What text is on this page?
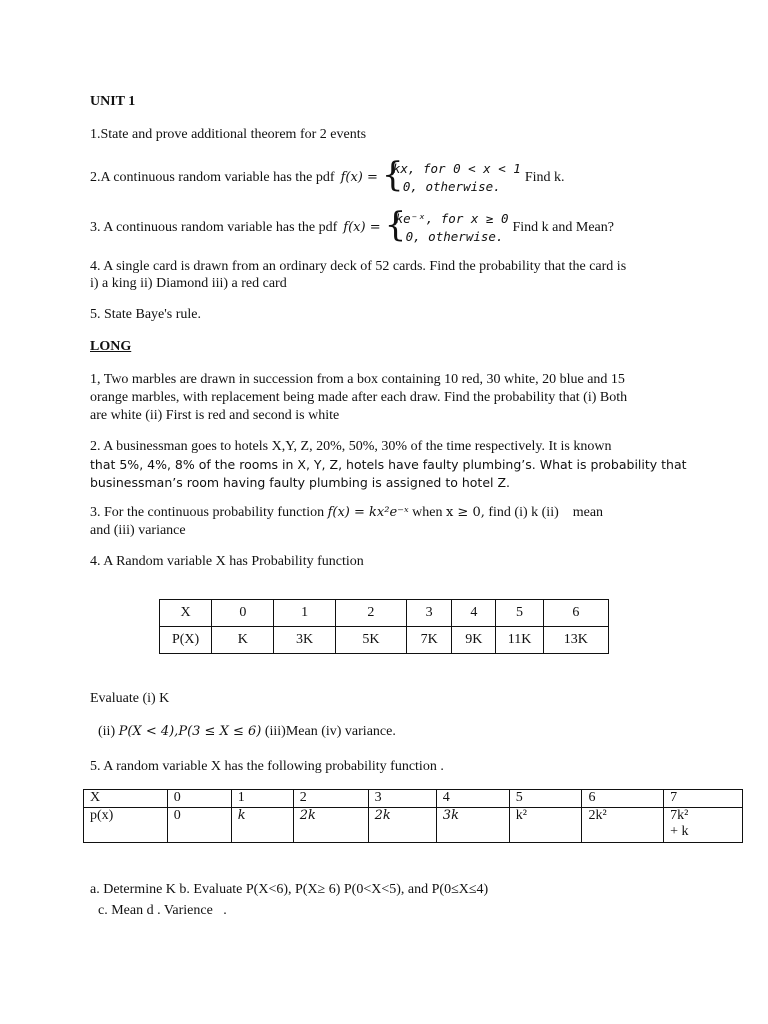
UNIT 1
1.State and prove additional theorem for 2 events
2.A continuous random variable has the pdf f(x) = {
kx, for 0 < x < 1
0, otherwise.
Find k.
3. A continuous random variable has the pdf f(x) = {
ke⁻ˣ, for x ≥ 0
0, otherwise.
Find k and Mean?
4. A single card is drawn from an ordinary deck of 52 cards. Find the probability that the card is
i) a king ii) Diamond iii) a red card
5. State Baye's rule.
LONG
1, Two marbles are drawn in succession from a box containing 10 red, 30 white, 20 blue and 15
orange marbles, with replacement being made after each draw. Find the probability that (i) Both
are white (ii) First is red and second is white
2. A businessman goes to hotels X,Y, Z, 20%, 50%, 30% of the time respectively. It is known
that 5%, 4%, 8% of the rooms in X, Y, Z, hotels have faulty plumbing’s. What is probability that
businessman’s room having faulty plumbing is assigned to hotel Z.
3. For the continuous probability function f(x) = kx²e⁻ˣ when x ≥ 0, find (i) k (ii)    mean
and (iii) variance
4. A Random variable X has Probability function
X	0	1	2	3	4	5	6
P(X)	K	3K	5K	7K	9K	11K	13K
Evaluate (i) K
(ii) P(X < 4),P(3 ≤ X ≤ 6) (iii)Mean (iv) variance.
5. A random variable X has the following probability function .
X	0	1	2	3	4	5	6	7
p(x)	0	k	2k	2k	3k	k²	2k²	7k²
+ k
a. Determine K b. Evaluate P(X<6), P(X≥ 6) P(0<X<5), and P(0≤X≤4)
c. Mean d . Varience   .
